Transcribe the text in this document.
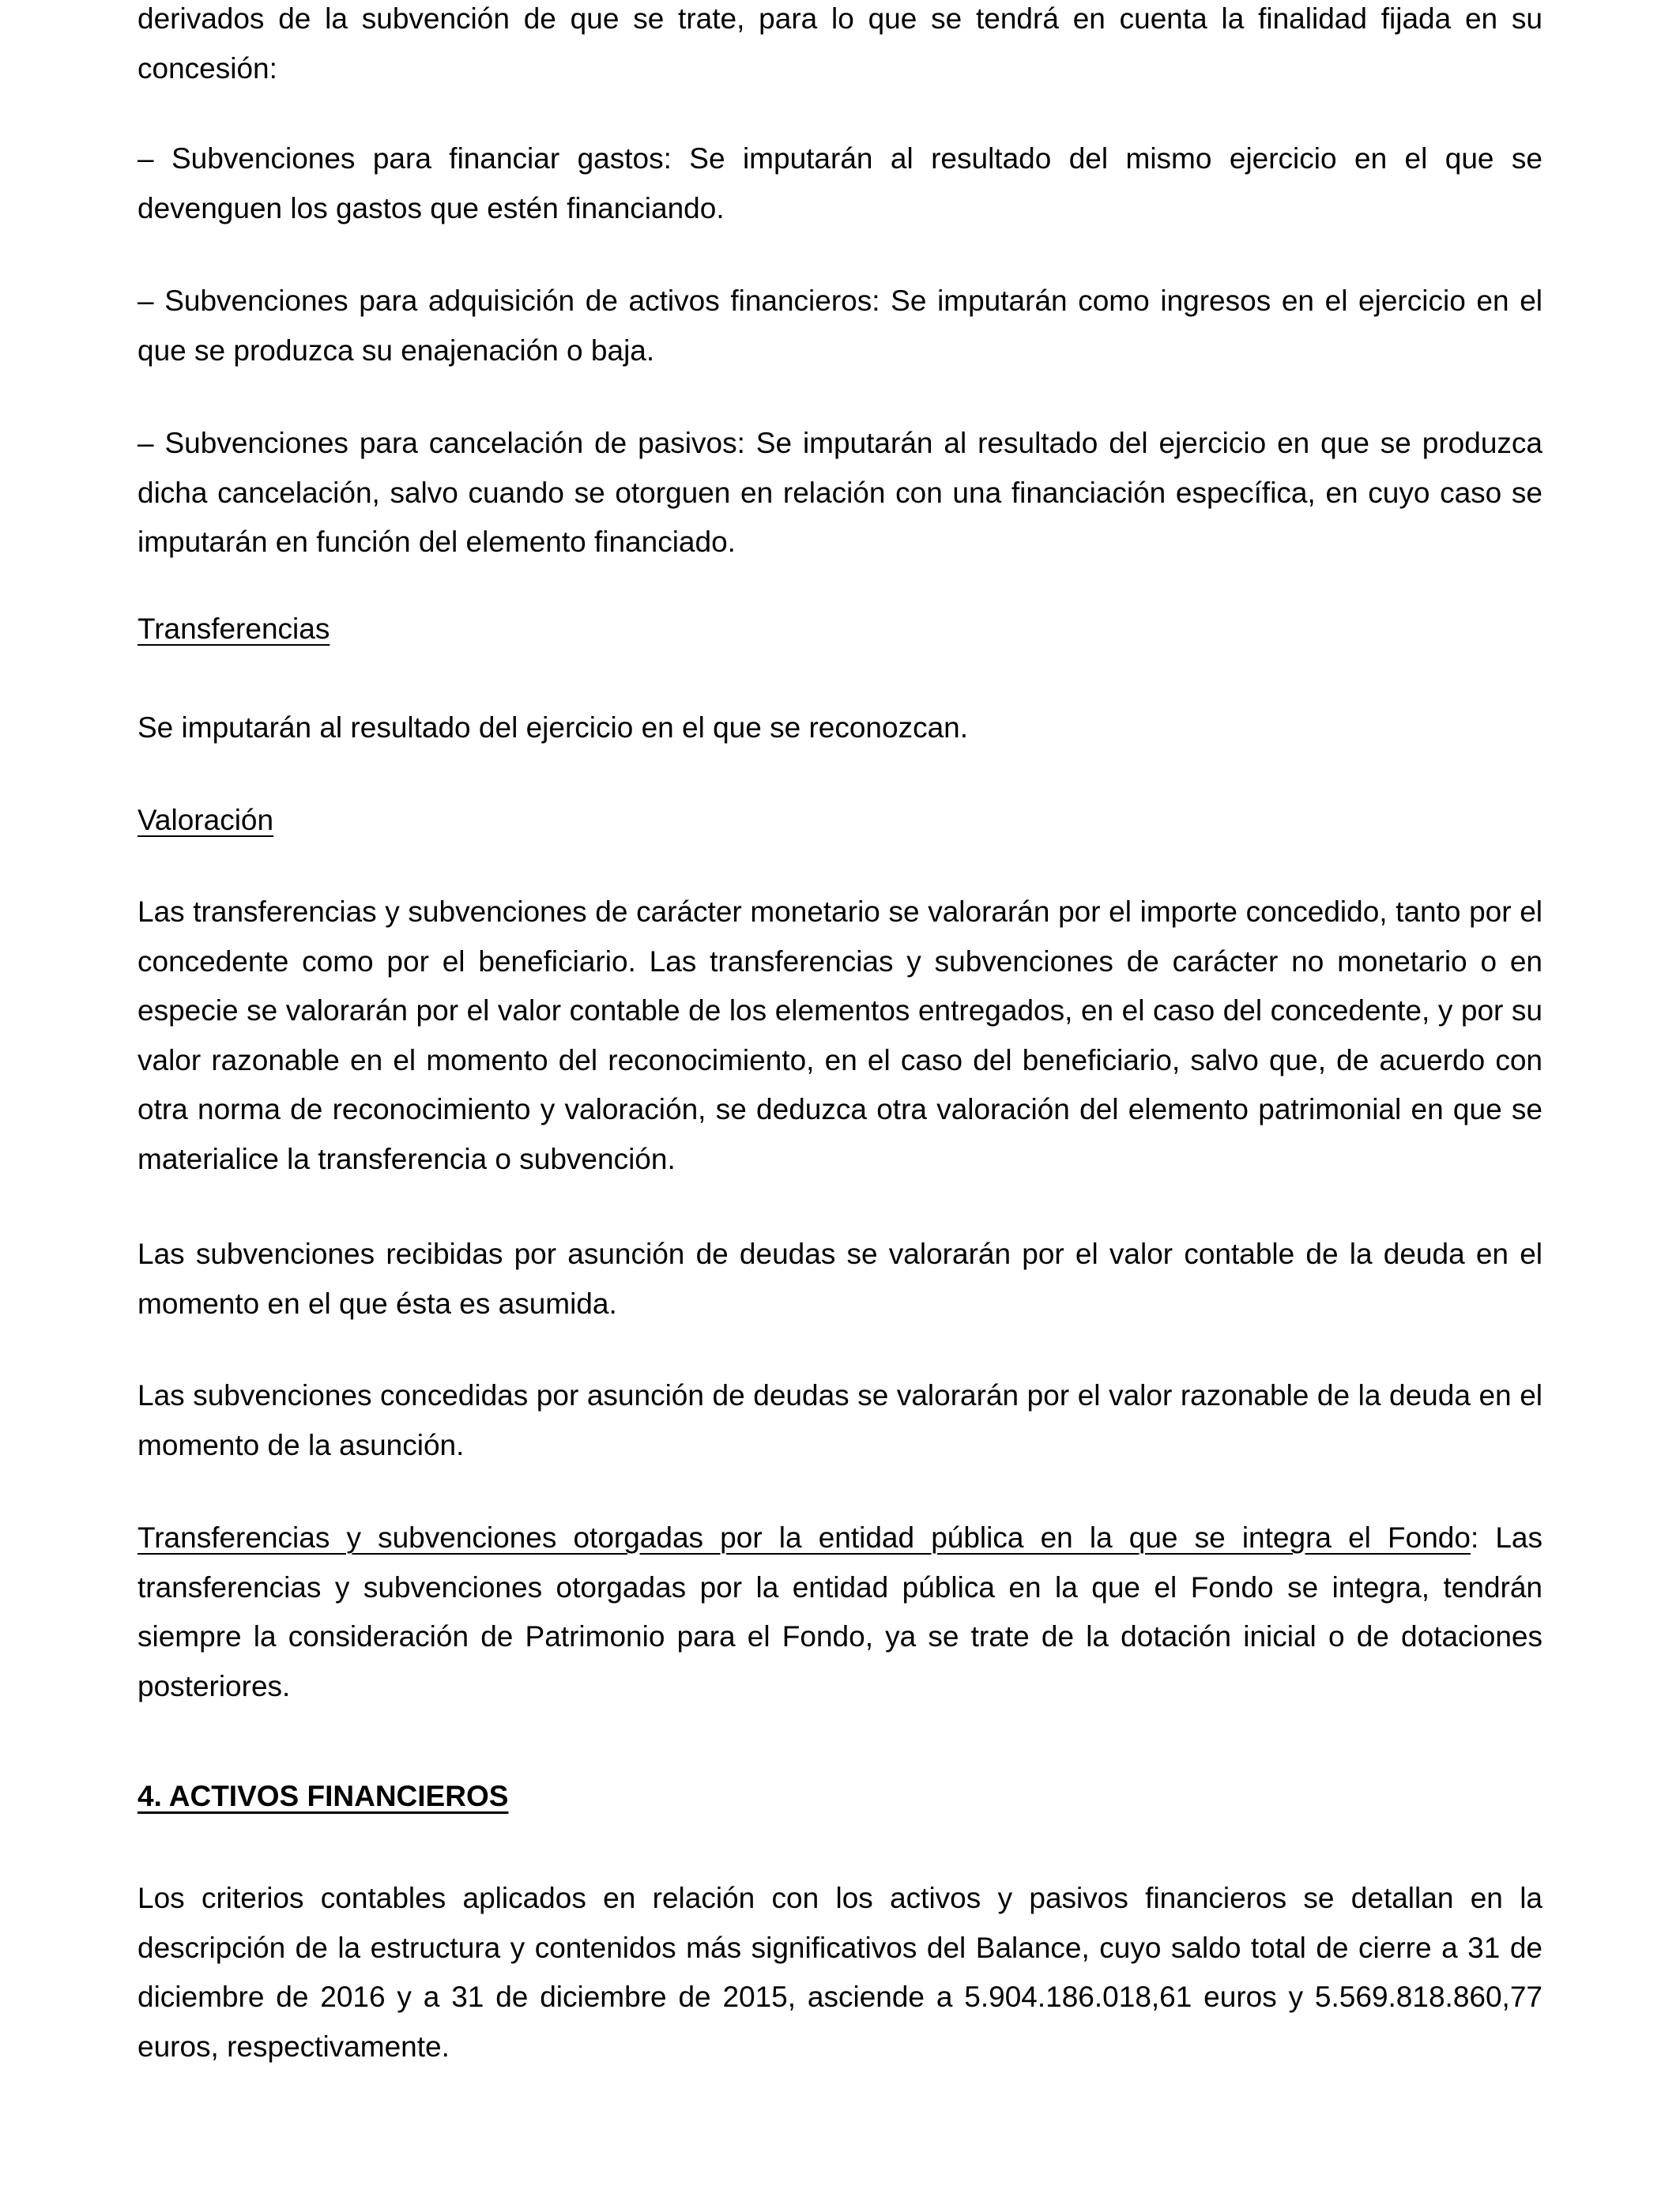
derivados de la subvención de que se trate, para lo que se tendrá en cuenta la finalidad fijada en su concesión:

– Subvenciones para financiar gastos: Se imputarán al resultado del mismo ejercicio en el que se devenguen los gastos que estén financiando.

– Subvenciones para adquisición de activos financieros: Se imputarán como ingresos en el ejercicio en el que se produzca su enajenación o baja.

– Subvenciones para cancelación de pasivos: Se imputarán al resultado del ejercicio en que se produzca dicha cancelación, salvo cuando se otorguen en relación con una financiación específica, en cuyo caso se imputarán en función del elemento financiado.

Transferencias

Se imputarán al resultado del ejercicio en el que se reconozcan.

Valoración

Las transferencias y subvenciones de carácter monetario se valorarán por el importe concedido, tanto por el concedente como por el beneficiario. Las transferencias y subvenciones de carácter no monetario o en especie se valorarán por el valor contable de los elementos entregados, en el caso del concedente, y por su valor razonable en el momento del reconocimiento, en el caso del beneficiario, salvo que, de acuerdo con otra norma de reconocimiento y valoración, se deduzca otra valoración del elemento patrimonial en que se materialice la transferencia o subvención.

Las subvenciones recibidas por asunción de deudas se valorarán por el valor contable de la deuda en el momento en el que ésta es asumida.

Las subvenciones concedidas por asunción de deudas se valorarán por el valor razonable de la deuda en el momento de la asunción.

Transferencias y subvenciones otorgadas por la entidad pública en la que se integra el Fondo: Las transferencias y subvenciones otorgadas por la entidad pública en la que el Fondo se integra, tendrán siempre la consideración de Patrimonio para el Fondo, ya se trate de la dotación inicial o de dotaciones posteriores.

4. ACTIVOS FINANCIEROS

Los criterios contables aplicados en relación con los activos y pasivos financieros se detallan en la descripción de la estructura y contenidos más significativos del Balance, cuyo saldo total de cierre a 31 de diciembre de 2016 y a 31 de diciembre de 2015, asciende a 5.904.186.018,61 euros y 5.569.818.860,77 euros, respectivamente.
